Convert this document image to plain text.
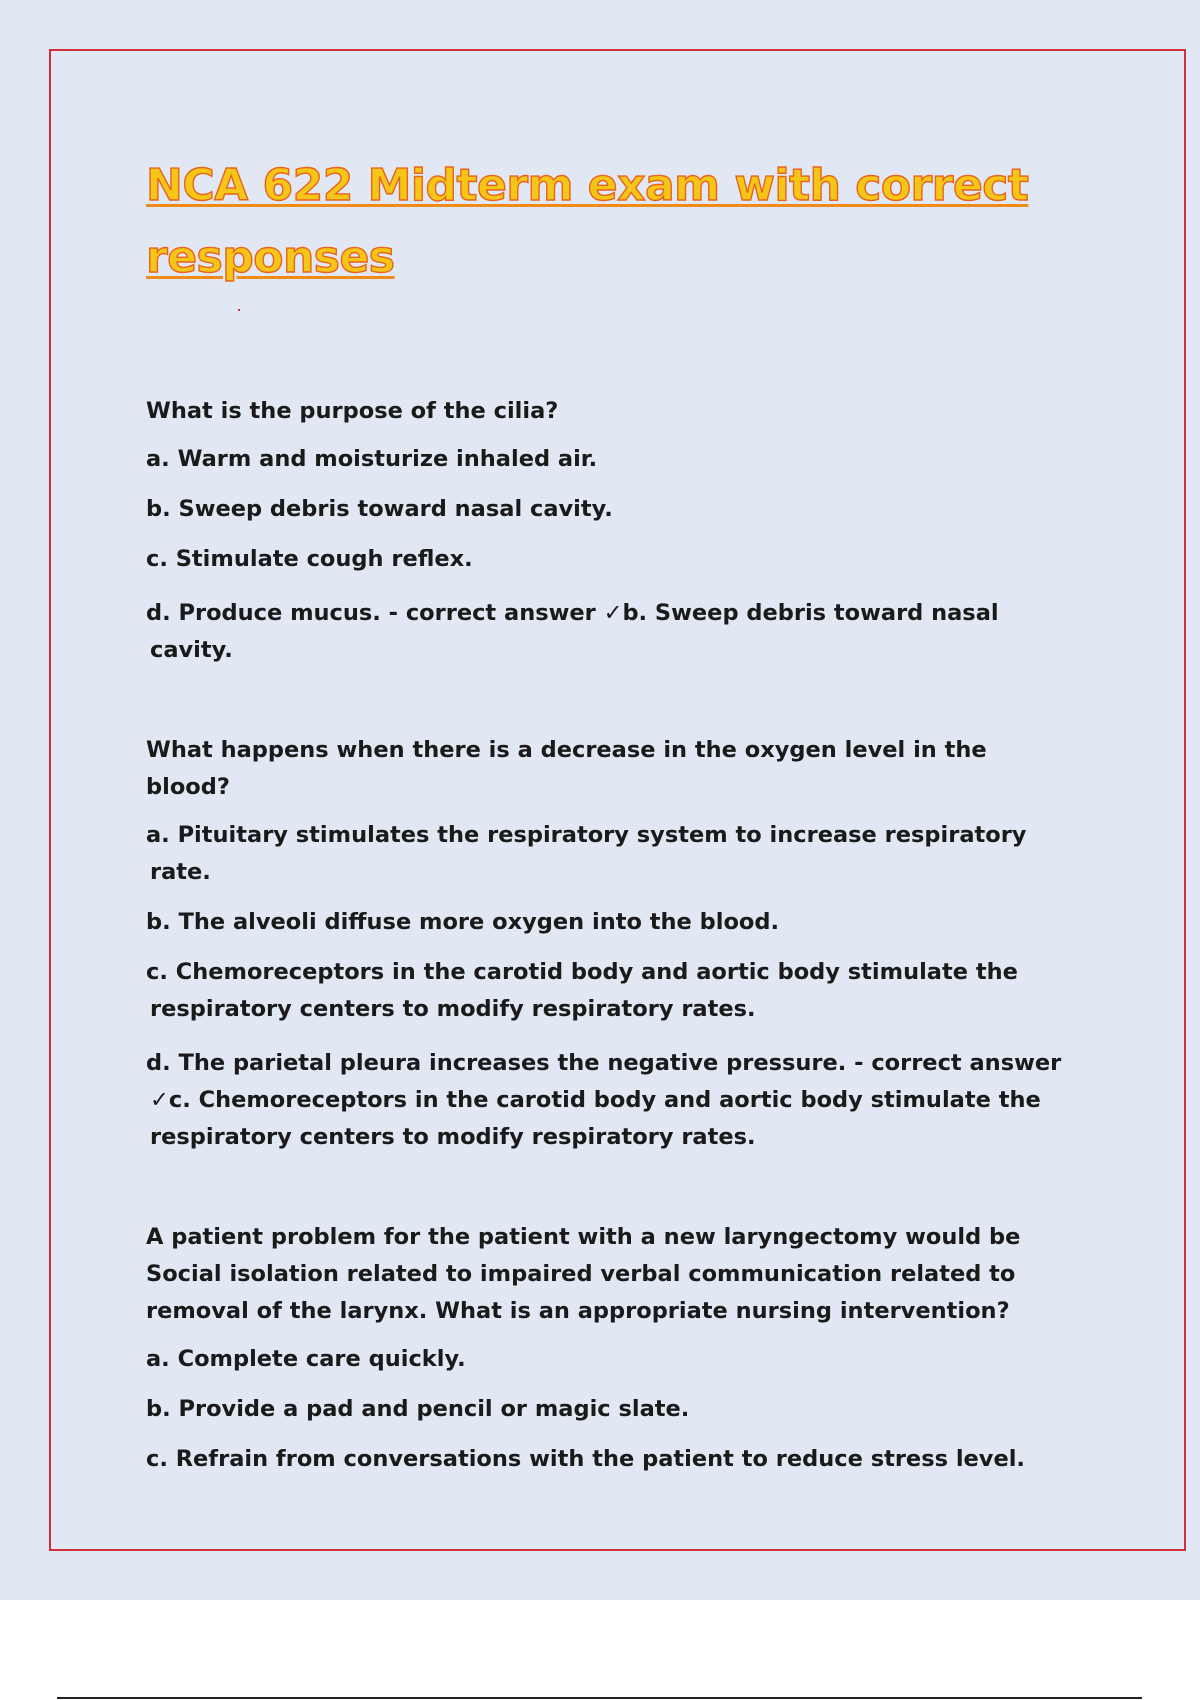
NCA 622 Midterm exam with correct responses

What is the purpose of the cilia?

a. Warm and moisturize inhaled air.

b. Sweep debris toward nasal cavity.

c. Stimulate cough reflex.

d. Produce mucus. - correct answer ✓b. Sweep debris toward nasal cavity.

What happens when there is a decrease in the oxygen level in the blood?

a. Pituitary stimulates the respiratory system to increase respiratory rate.

b. The alveoli diffuse more oxygen into the blood.

c. Chemoreceptors in the carotid body and aortic body stimulate the respiratory centers to modify respiratory rates.

d. The parietal pleura increases the negative pressure. - correct answer ✓c. Chemoreceptors in the carotid body and aortic body stimulate the respiratory centers to modify respiratory rates.

A patient problem for the patient with a new laryngectomy would be Social isolation related to impaired verbal communication related to removal of the larynx. What is an appropriate nursing intervention?

a. Complete care quickly.

b. Provide a pad and pencil or magic slate.

c. Refrain from conversations with the patient to reduce stress level.
